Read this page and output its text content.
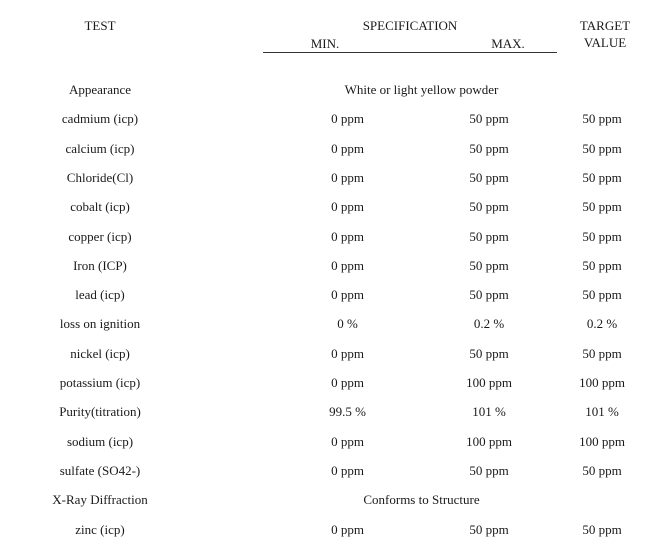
TEST	SPECIFICATION
MIN.	MAX.
TARGET
VALUE
Appearance	White or light yellow powder
cadmium (icp)	0 ppm	50 ppm	50 ppm
calcium (icp)	0 ppm	50 ppm	50 ppm
Chloride(Cl)	0 ppm	50 ppm	50 ppm
cobalt (icp)	0 ppm	50 ppm	50 ppm
copper (icp)	0 ppm	50 ppm	50 ppm
Iron (ICP)	0 ppm	50 ppm	50 ppm
lead (icp)	0 ppm	50 ppm	50 ppm
loss on ignition	0 %	0.2 %	0.2 %
nickel (icp)	0 ppm	50 ppm	50 ppm
potassium (icp)	0 ppm	100 ppm	100 ppm
Purity(titration)	99.5 %	101 %	101 %
sodium (icp)	0 ppm	100 ppm	100 ppm
sulfate (SO42-)	0 ppm	50 ppm	50 ppm
X-Ray Diffraction	Conforms to Structure
zinc (icp)	0 ppm	50 ppm	50 ppm
